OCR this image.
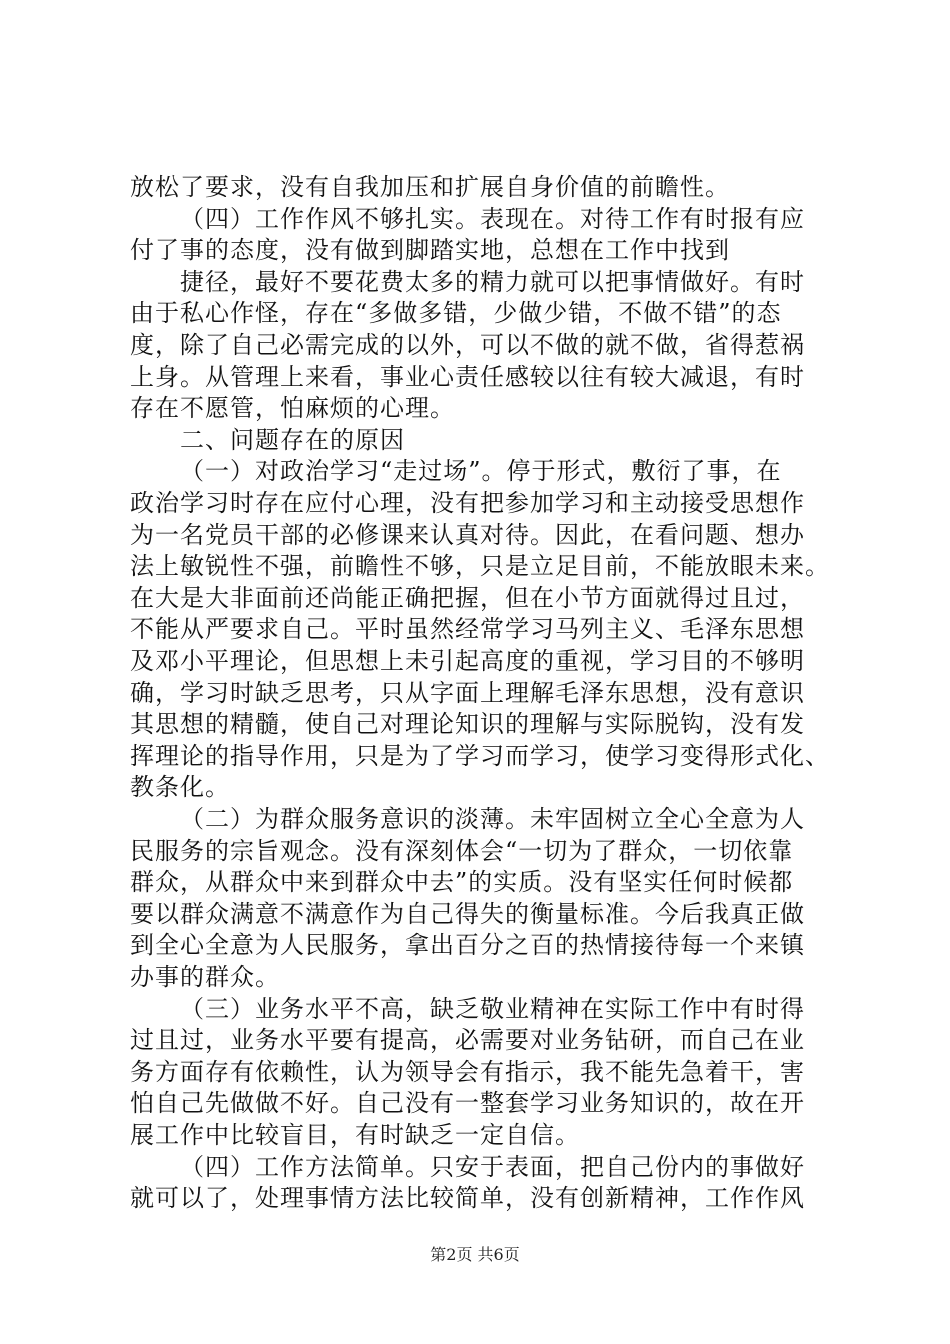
放松了要求，没有自我加压和扩展自身价值的前瞻性。
（四）工作作风不够扎实。表现在。对待工作有时报有应
付了事的态度，没有做到脚踏实地，总想在工作中找到
捷径，最好不要花费太多的精力就可以把事情做好。有时
由于私心作怪，存在“多做多错，少做少错，不做不错”的态
度，除了自己必需完成的以外，可以不做的就不做，省得惹祸
上身。从管理上来看，事业心责任感较以往有较大减退，有时
存在不愿管，怕麻烦的心理。
二、问题存在的原因
（一）对政治学习“走过场”。停于形式，敷衍了事，在
政治学习时存在应付心理，没有把参加学习和主动接受思想作
为一名党员干部的必修课来认真对待。因此，在看问题、想办
法上敏锐性不强，前瞻性不够，只是立足目前，不能放眼未来。
在大是大非面前还尚能正确把握，但在小节方面就得过且过，
不能从严要求自己。平时虽然经常学习马列主义、毛泽东思想
及邓小平理论，但思想上未引起高度的重视，学习目的不够明
确，学习时缺乏思考，只从字面上理解毛泽东思想，没有意识
其思想的精髓，使自己对理论知识的理解与实际脱钩，没有发
挥理论的指导作用，只是为了学习而学习，使学习变得形式化、
教条化。
（二）为群众服务意识的淡薄。未牢固树立全心全意为人
民服务的宗旨观念。没有深刻体会“一切为了群众，一切依靠
群众，从群众中来到群众中去”的实质。没有坚实任何时候都
要以群众满意不满意作为自己得失的衡量标准。今后我真正做
到全心全意为人民服务，拿出百分之百的热情接待每一个来镇
办事的群众。
（三）业务水平不高，缺乏敬业精神在实际工作中有时得
过且过，业务水平要有提高，必需要对业务钻研，而自己在业
务方面存有依赖性，认为领导会有指示，我不能先急着干，害
怕自己先做做不好。自己没有一整套学习业务知识的，故在开
展工作中比较盲目，有时缺乏一定自信。
（四）工作方法简单。只安于表面，把自己份内的事做好
就可以了，处理事情方法比较简单，没有创新精神，工作作风
第2页 共6页
